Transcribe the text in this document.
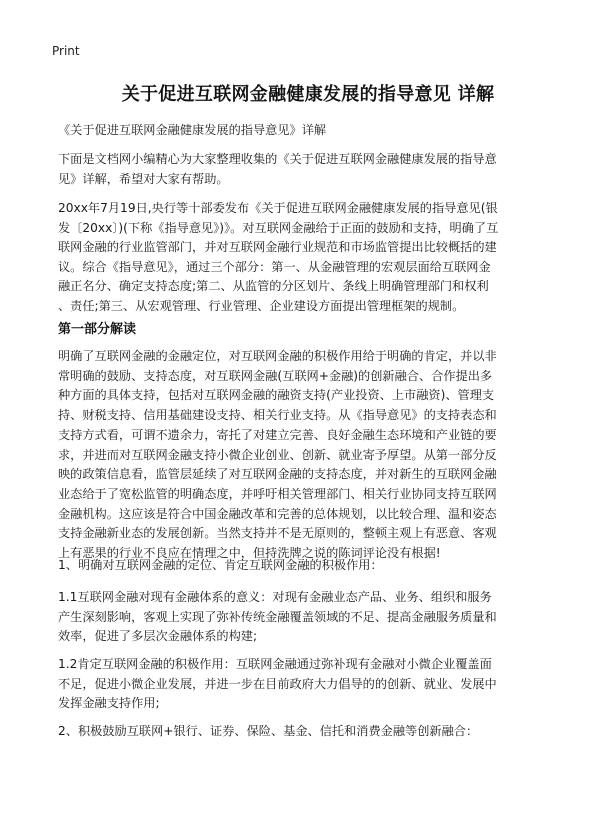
Print
关于促进互联网金融健康发展的指导意见 详解
《关于促进互联网金融健康发展的指导意见》详解
下面是文档网小编精心为大家整理收集的《关于促进互联网金融健康发展的指导意
见》详解，希望对大家有帮助。
20xx年7月19日,央行等十部委发布《关于促进互联网金融健康发展的指导意见(银
发〔20xx〕)(下称《指导意见》)》。对互联网金融给于正面的鼓励和支持，明确了互
联网金融的行业监管部门，并对互联网金融行业规范和市场监管提出比较概括的建
议。综合《指导意见》，通过三个部分：第一、从金融管理的宏观层面给互联网金
融正名分、确定支持态度;第二、从监管的分区划片、条线上明确管理部门和权利
、责任;第三、从宏观管理、行业管理、企业建设方面提出管理框架的规制。
第一部分解读
明确了互联网金融的金融定位，对互联网金融的积极作用给于明确的肯定，并以非
常明确的鼓励、支持态度，对互联网金融(互联网+金融)的创新融合、合作提出多
种方面的具体支持，包括对互联网金融的融资支持(产业投资、上市融资)、管理支
持、财税支持、信用基础建设支持、相关行业支持。从《指导意见》的支持表态和
支持方式看，可谓不遗余力，寄托了对建立完善、良好金融生态环境和产业链的要
求，并进而对互联网金融支持小微企业创业、创新、就业寄予厚望。从第一部分反
映的政策信息看，监管层延续了对互联网金融的支持态度，并对新生的互联网金融
业态给于了宽松监管的明确态度，并呼吁相关管理部门、相关行业协同支持互联网
金融机构。这应该是符合中国金融改革和完善的总体规划，以比较合理、温和姿态
支持金融新业态的发展创新。当然支持并不是无原则的，整顿主观上有恶意、客观
上有恶果的行业不良应在情理之中，但持洗牌之说的陈词评论没有根据!
1、明确对互联网金融的定位、肯定互联网金融的积极作用：
1.1互联网金融对现有金融体系的意义：对现有金融业态产品、业务、组织和服务
产生深刻影响，客观上实现了弥补传统金融覆盖领域的不足、提高金融服务质量和
效率，促进了多层次金融体系的构建;
1.2肯定互联网金融的积极作用：互联网金融通过弥补现有金融对小微企业覆盖面
不足，促进小微企业发展，并进一步在目前政府大力倡导的的创新、就业、发展中
发挥金融支持作用;
2、积极鼓励互联网+银行、证券、保险、基金、信托和消费金融等创新融合：
